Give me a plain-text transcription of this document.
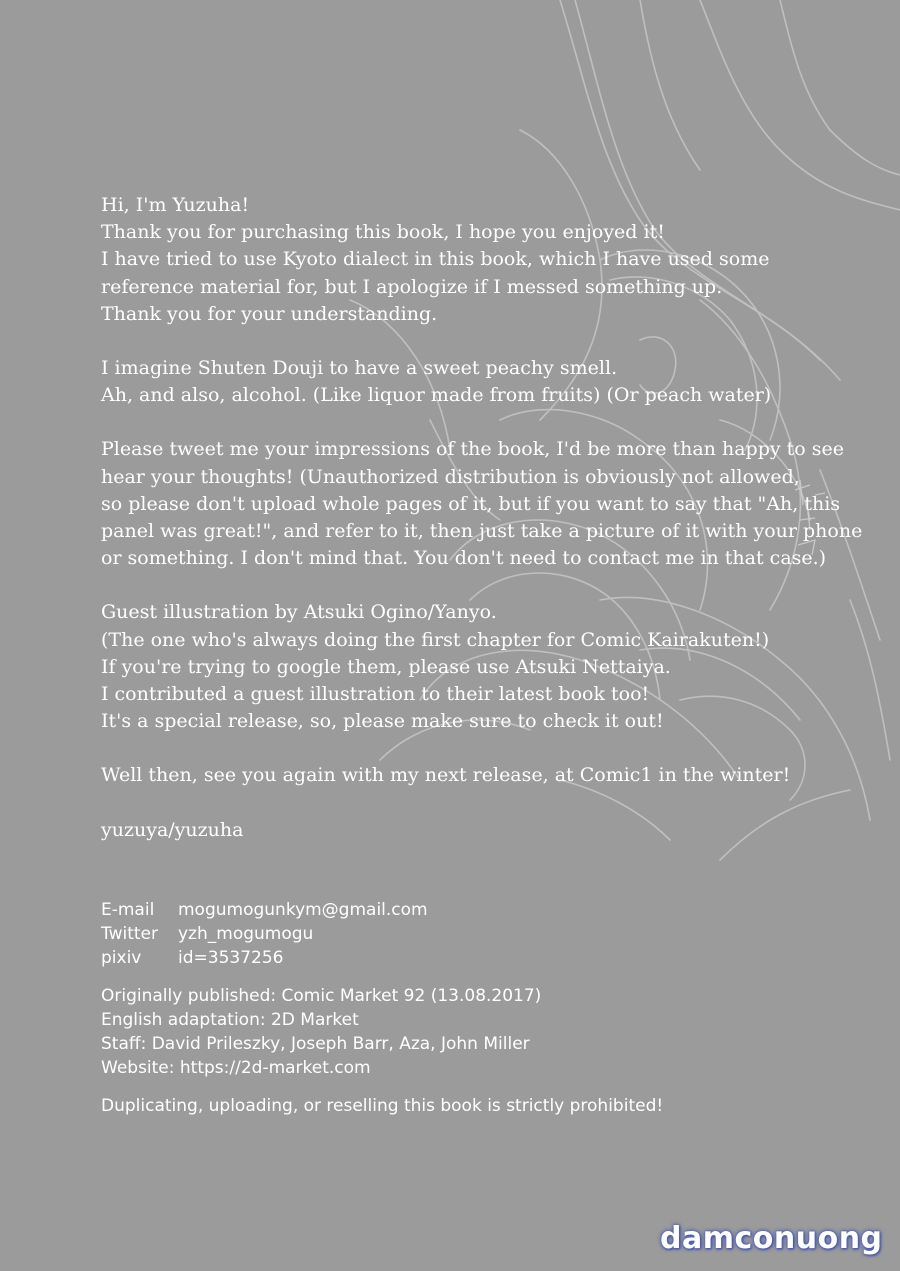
Hi, I'm Yuzuha!
Thank you for purchasing this book, I hope you enjoyed it!
I have tried to use Kyoto dialect in this book, which I have used some
reference material for, but I apologize if I messed something up.
Thank you for your understanding.

I imagine Shuten Douji to have a sweet peachy smell.
Ah, and also, alcohol. (Like liquor made from fruits) (Or peach water)

Please tweet me your impressions of the book, I'd be more than happy to see
hear your thoughts! (Unauthorized distribution is obviously not allowed,
so please don't upload whole pages of it, but if you want to say that "Ah, this
panel was great!", and refer to it, then just take a picture of it with your phone
or something. I don't mind that. You don't need to contact me in that case.)

Guest illustration by Atsuki Ogino/Yanyo.
(The one who's always doing the first chapter for Comic Kairakuten!)
If you're trying to google them, please use Atsuki Nettaiya.
I contributed a guest illustration to their latest book too!
It's a special release, so, please make sure to check it out!

Well then, see you again with my next release, at Comic1 in the winter!

yuzuya/yuzuha

E-mail	mogumogunkym@gmail.com
Twitter	yzh_mogumogu
pixiv	id=3537256
Originally published: Comic Market 92 (13.08.2017)
English adaptation: 2D Market
Staff: David Prileszky, Joseph Barr, Aza, John Miller
Website: https://2d-market.com
Duplicating, uploading, or reselling this book is strictly prohibited!
damconuong
